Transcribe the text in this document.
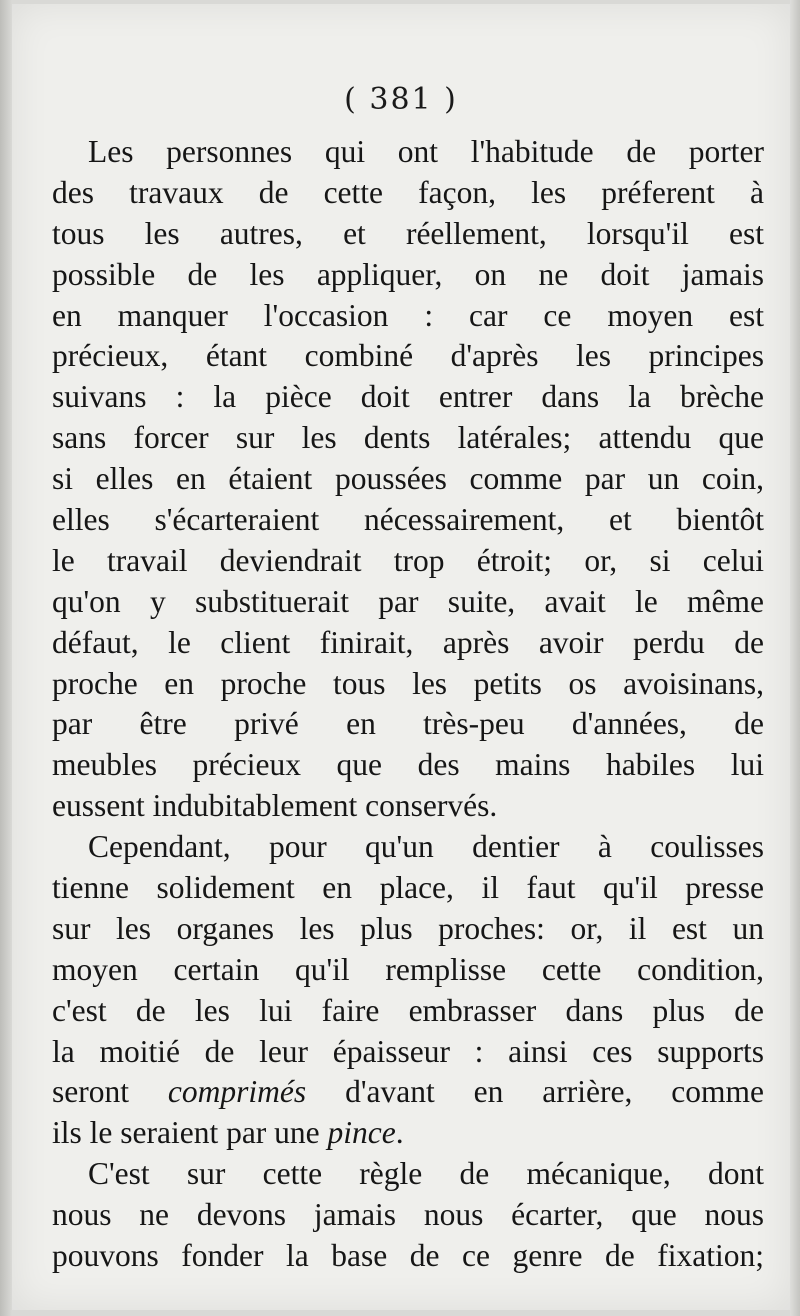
( 381 )
Les personnes qui ont l'habitude de porter
des travaux de cette façon, les préferent à
tous les autres, et réellement, lorsqu'il est
possible de les appliquer, on ne doit jamais
en manquer l'occasion : car ce moyen est
précieux, étant combiné d'après les principes
suivans : la pièce doit entrer dans la brèche
sans forcer sur les dents latérales; attendu que
si elles en étaient poussées comme par un coin,
elles s'écarteraient nécessairement, et bientôt
le travail deviendrait trop étroit; or, si celui
qu'on y substituerait par suite, avait le même
défaut, le client finirait, après avoir perdu de
proche en proche tous les petits os avoisinans,
par être privé en très-peu d'années, de
meubles précieux que des mains habiles lui
eussent indubitablement conservés.
Cependant, pour qu'un dentier à coulisses
tienne solidement en place, il faut qu'il presse
sur les organes les plus proches: or, il est un
moyen certain qu'il remplisse cette condition,
c'est de les lui faire embrasser dans plus de
la moitié de leur épaisseur : ainsi ces supports
seront comprimés d'avant en arrière, comme
ils le seraient par une pince.
C'est sur cette règle de mécanique, dont
nous ne devons jamais nous écarter, que nous
pouvons fonder la base de ce genre de fixation;
